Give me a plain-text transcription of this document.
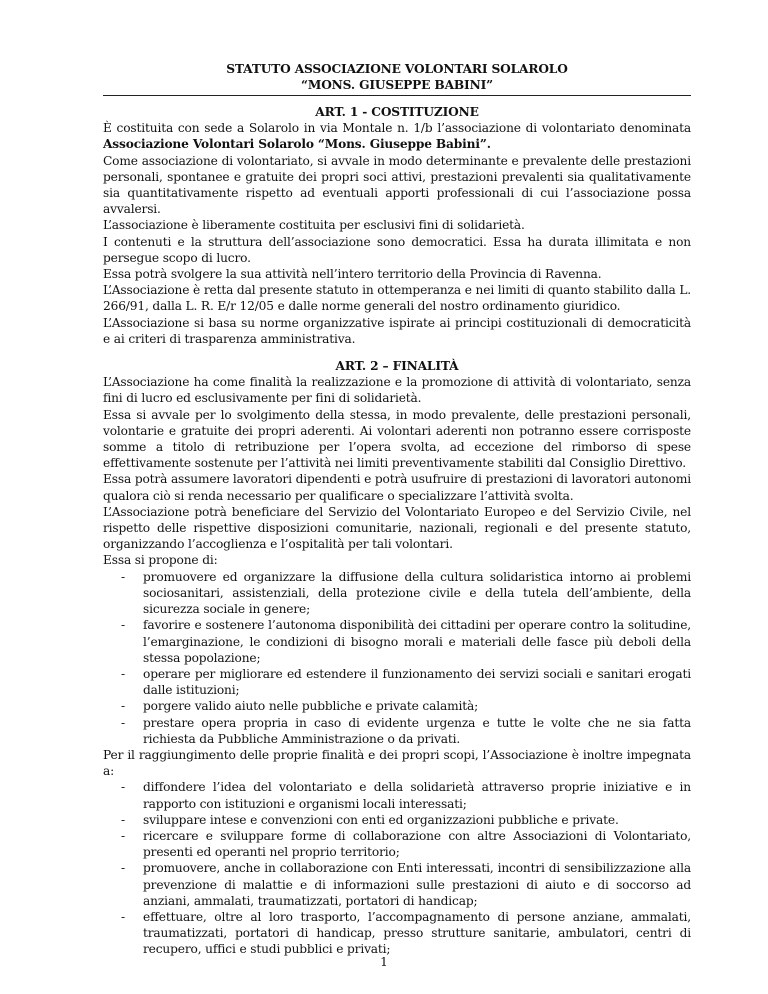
STATUTO ASSOCIAZIONE VOLONTARI SOLAROLO
“MONS. GIUSEPPE BABINI”
ART. 1 - COSTITUZIONE

È costituita con sede a Solarolo in via Montale n. 1/b l’associazione di volontariato denominata Associazione Volontari Solarolo “Mons. Giuseppe Babini”.

Come associazione di volontariato, si avvale in modo determinante e prevalente delle prestazioni personali, spontanee e gratuite dei propri soci attivi, prestazioni prevalenti sia qualitativamente sia quantitativamente rispetto ad eventuali apporti professionali di cui l’associazione possa avvalersi.

L’associazione è liberamente costituita per esclusivi fini di solidarietà.

I contenuti e la struttura dell’associazione sono democratici. Essa ha durata illimitata e non persegue scopo di lucro.

Essa potrà svolgere la sua attività nell’intero territorio della Provincia di Ravenna.

L’Associazione è retta dal presente statuto in ottemperanza e nei limiti di quanto stabilito dalla L. 266/91, dalla L. R. E/r 12/05 e dalle norme generali del nostro ordinamento giuridico.

L’Associazione si basa su norme organizzative ispirate ai principi costituzionali di democraticità e ai criteri di trasparenza amministrativa.

ART. 2 – FINALITÀ

L’Associazione ha come finalità la realizzazione e la promozione di attività di volontariato, senza fini di lucro ed esclusivamente per fini di solidarietà.

Essa si avvale per lo svolgimento della stessa, in modo prevalente, delle prestazioni personali, volontarie e gratuite dei propri aderenti. Ai volontari aderenti non potranno essere corrisposte somme a titolo di retribuzione per l’opera svolta, ad eccezione del rimborso di spese effettivamente sostenute per l’attività nei limiti preventivamente stabiliti dal Consiglio Direttivo.

Essa potrà assumere lavoratori dipendenti e potrà usufruire di prestazioni di lavoratori autonomi qualora ciò si renda necessario per qualificare o specializzare l’attività svolta.

L’Associazione potrà beneficiare del Servizio del Volontariato Europeo e del Servizio Civile, nel rispetto delle rispettive disposizioni comunitarie, nazionali, regionali e del presente statuto, organizzando l’accoglienza e l’ospitalità per tali volontari.

Essa si propone di:

- promuovere ed organizzare la diffusione della cultura solidaristica intorno ai problemi sociosanitari, assistenziali, della protezione civile e della tutela dell’ambiente, della sicurezza sociale in genere;
- favorire e sostenere l’autonoma disponibilità dei cittadini per operare contro la solitudine, l’emarginazione, le condizioni di bisogno morali e materiali delle fasce più deboli della stessa popolazione;
- operare per migliorare ed estendere il funzionamento dei servizi sociali e sanitari erogati dalle istituzioni;
- porgere valido aiuto nelle pubbliche e private calamità;
- prestare opera propria in caso di evidente urgenza e tutte le volte che ne sia fatta richiesta da Pubbliche Amministrazione o da privati.

Per il raggiungimento delle proprie finalità e dei propri scopi, l’Associazione è inoltre impegnata a:

- diffondere l’idea del volontariato e della solidarietà attraverso proprie iniziative e in rapporto con istituzioni e organismi locali interessati;
- sviluppare intese e convenzioni con enti ed organizzazioni pubbliche e private.
- ricercare e sviluppare forme di collaborazione con altre Associazioni di Volontariato, presenti ed operanti nel proprio territorio;
- promuovere, anche in collaborazione con Enti interessati, incontri di sensibilizzazione alla prevenzione di malattie e di informazioni sulle prestazioni di aiuto e di soccorso ad anziani, ammalati, traumatizzati, portatori di handicap;
- effettuare, oltre al loro trasporto, l’accompagnamento di persone anziane, ammalati, traumatizzati, portatori di handicap, presso strutture sanitarie, ambulatori, centri di recupero, uffici e studi pubblici e privati;
1
